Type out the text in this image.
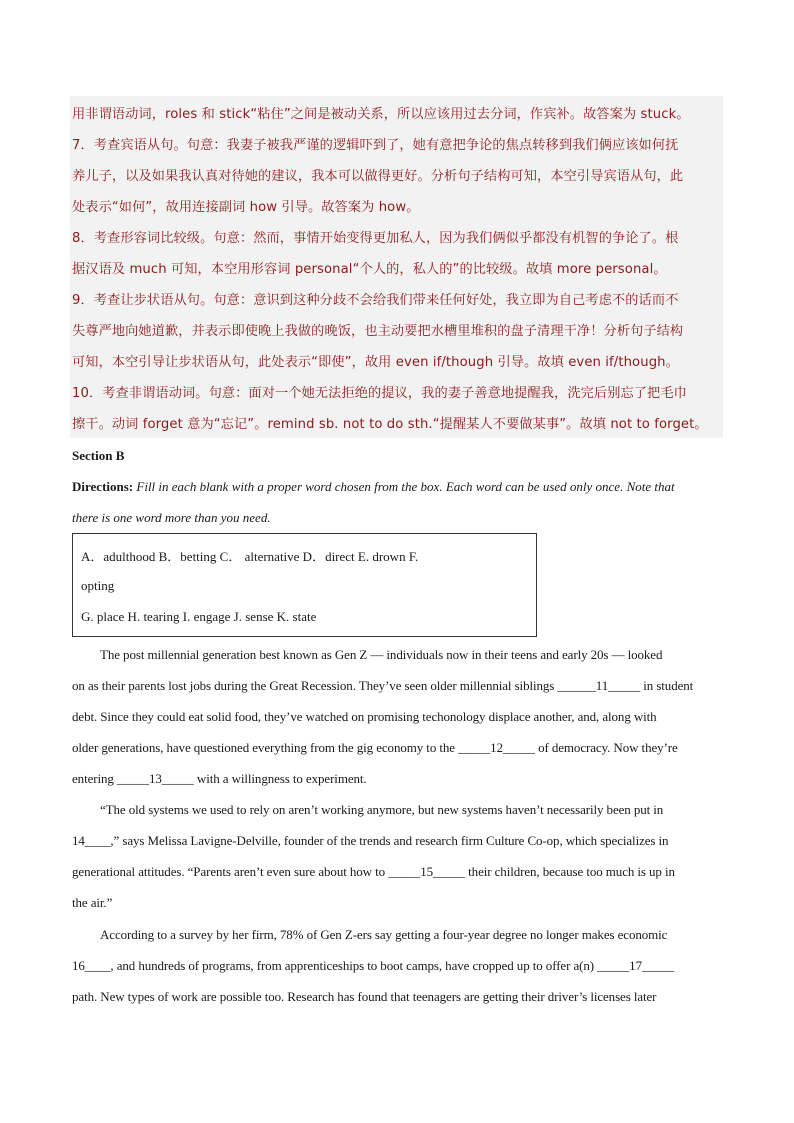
用非谓语动词，roles 和 stick“粘住”之间是被动关系，所以应该用过去分词，作宾补。故答案为 stuck。
7．考查宾语从句。句意：我妻子被我严谨的逻辑吓到了，她有意把争论的焦点转移到我们俩应该如何抚
养儿子，以及如果我认真对待她的建议，我本可以做得更好。分析句子结构可知，本空引导宾语从句，此
处表示“如何”，故用连接副词 how 引导。故答案为 how。
8．考查形容词比较级。句意：然而，事情开始变得更加私人，因为我们俩似乎都没有机智的争论了。根
据汉语及 much 可知，本空用形容词 personal“个人的，私人的”的比较级。故填 more personal。
9．考查让步状语从句。句意：意识到这种分歧不会给我们带来任何好处，我立即为自己考虑不的话而不
失尊严地向她道歉，并表示即使晚上我做的晚饭，也主动要把水槽里堆积的盘子清理干净！分析句子结构
可知，本空引导让步状语从句，此处表示“即使”，故用 even if/though 引导。故填 even if/though。
10．考查非谓语动词。句意：面对一个她无法拒绝的提议，我的妻子善意地提醒我，洗完后别忘了把毛巾
擦干。动词 forget 意为“忘记”。remind sb. not to do sth.“提醒某人不要做某事”。故填 not to forget。
Section B
Directions: Fill in each blank with a proper word chosen from the box. Each word can be used only once. Note that
there is one word more than you need.
A．adulthood B．betting C． alternative D．direct E. drown F.
opting
G. place H. tearing I. engage J. sense K. state
The post millennial generation best known as Gen Z — individuals now in their teens and early 20s — looked
on as their parents lost jobs during the Great Recession. They’ve seen older millennial siblings ______11_____ in student
debt. Since they could eat solid food, they’ve watched on promising techonology displace another, and, along with
older generations, have questioned everything from the gig economy to the _____12_____ of democracy. Now they’re
entering _____13_____ with a willingness to experiment.
“The old systems we used to rely on aren’t working anymore, but new systems haven’t necessarily been put in
14____,” says Melissa Lavigne-Delville, founder of the trends and research firm Culture Co-op, which specializes in
generational attitudes. “Parents aren’t even sure about how to _____15_____ their children, because too much is up in
the air.”
According to a survey by her firm, 78% of Gen Z-ers say getting a four-year degree no longer makes economic
16____, and hundreds of programs, from apprenticeships to boot camps, have cropped up to offer a(n) _____17_____
path. New types of work are possible too. Research has found that teenagers are getting their driver’s licenses later
